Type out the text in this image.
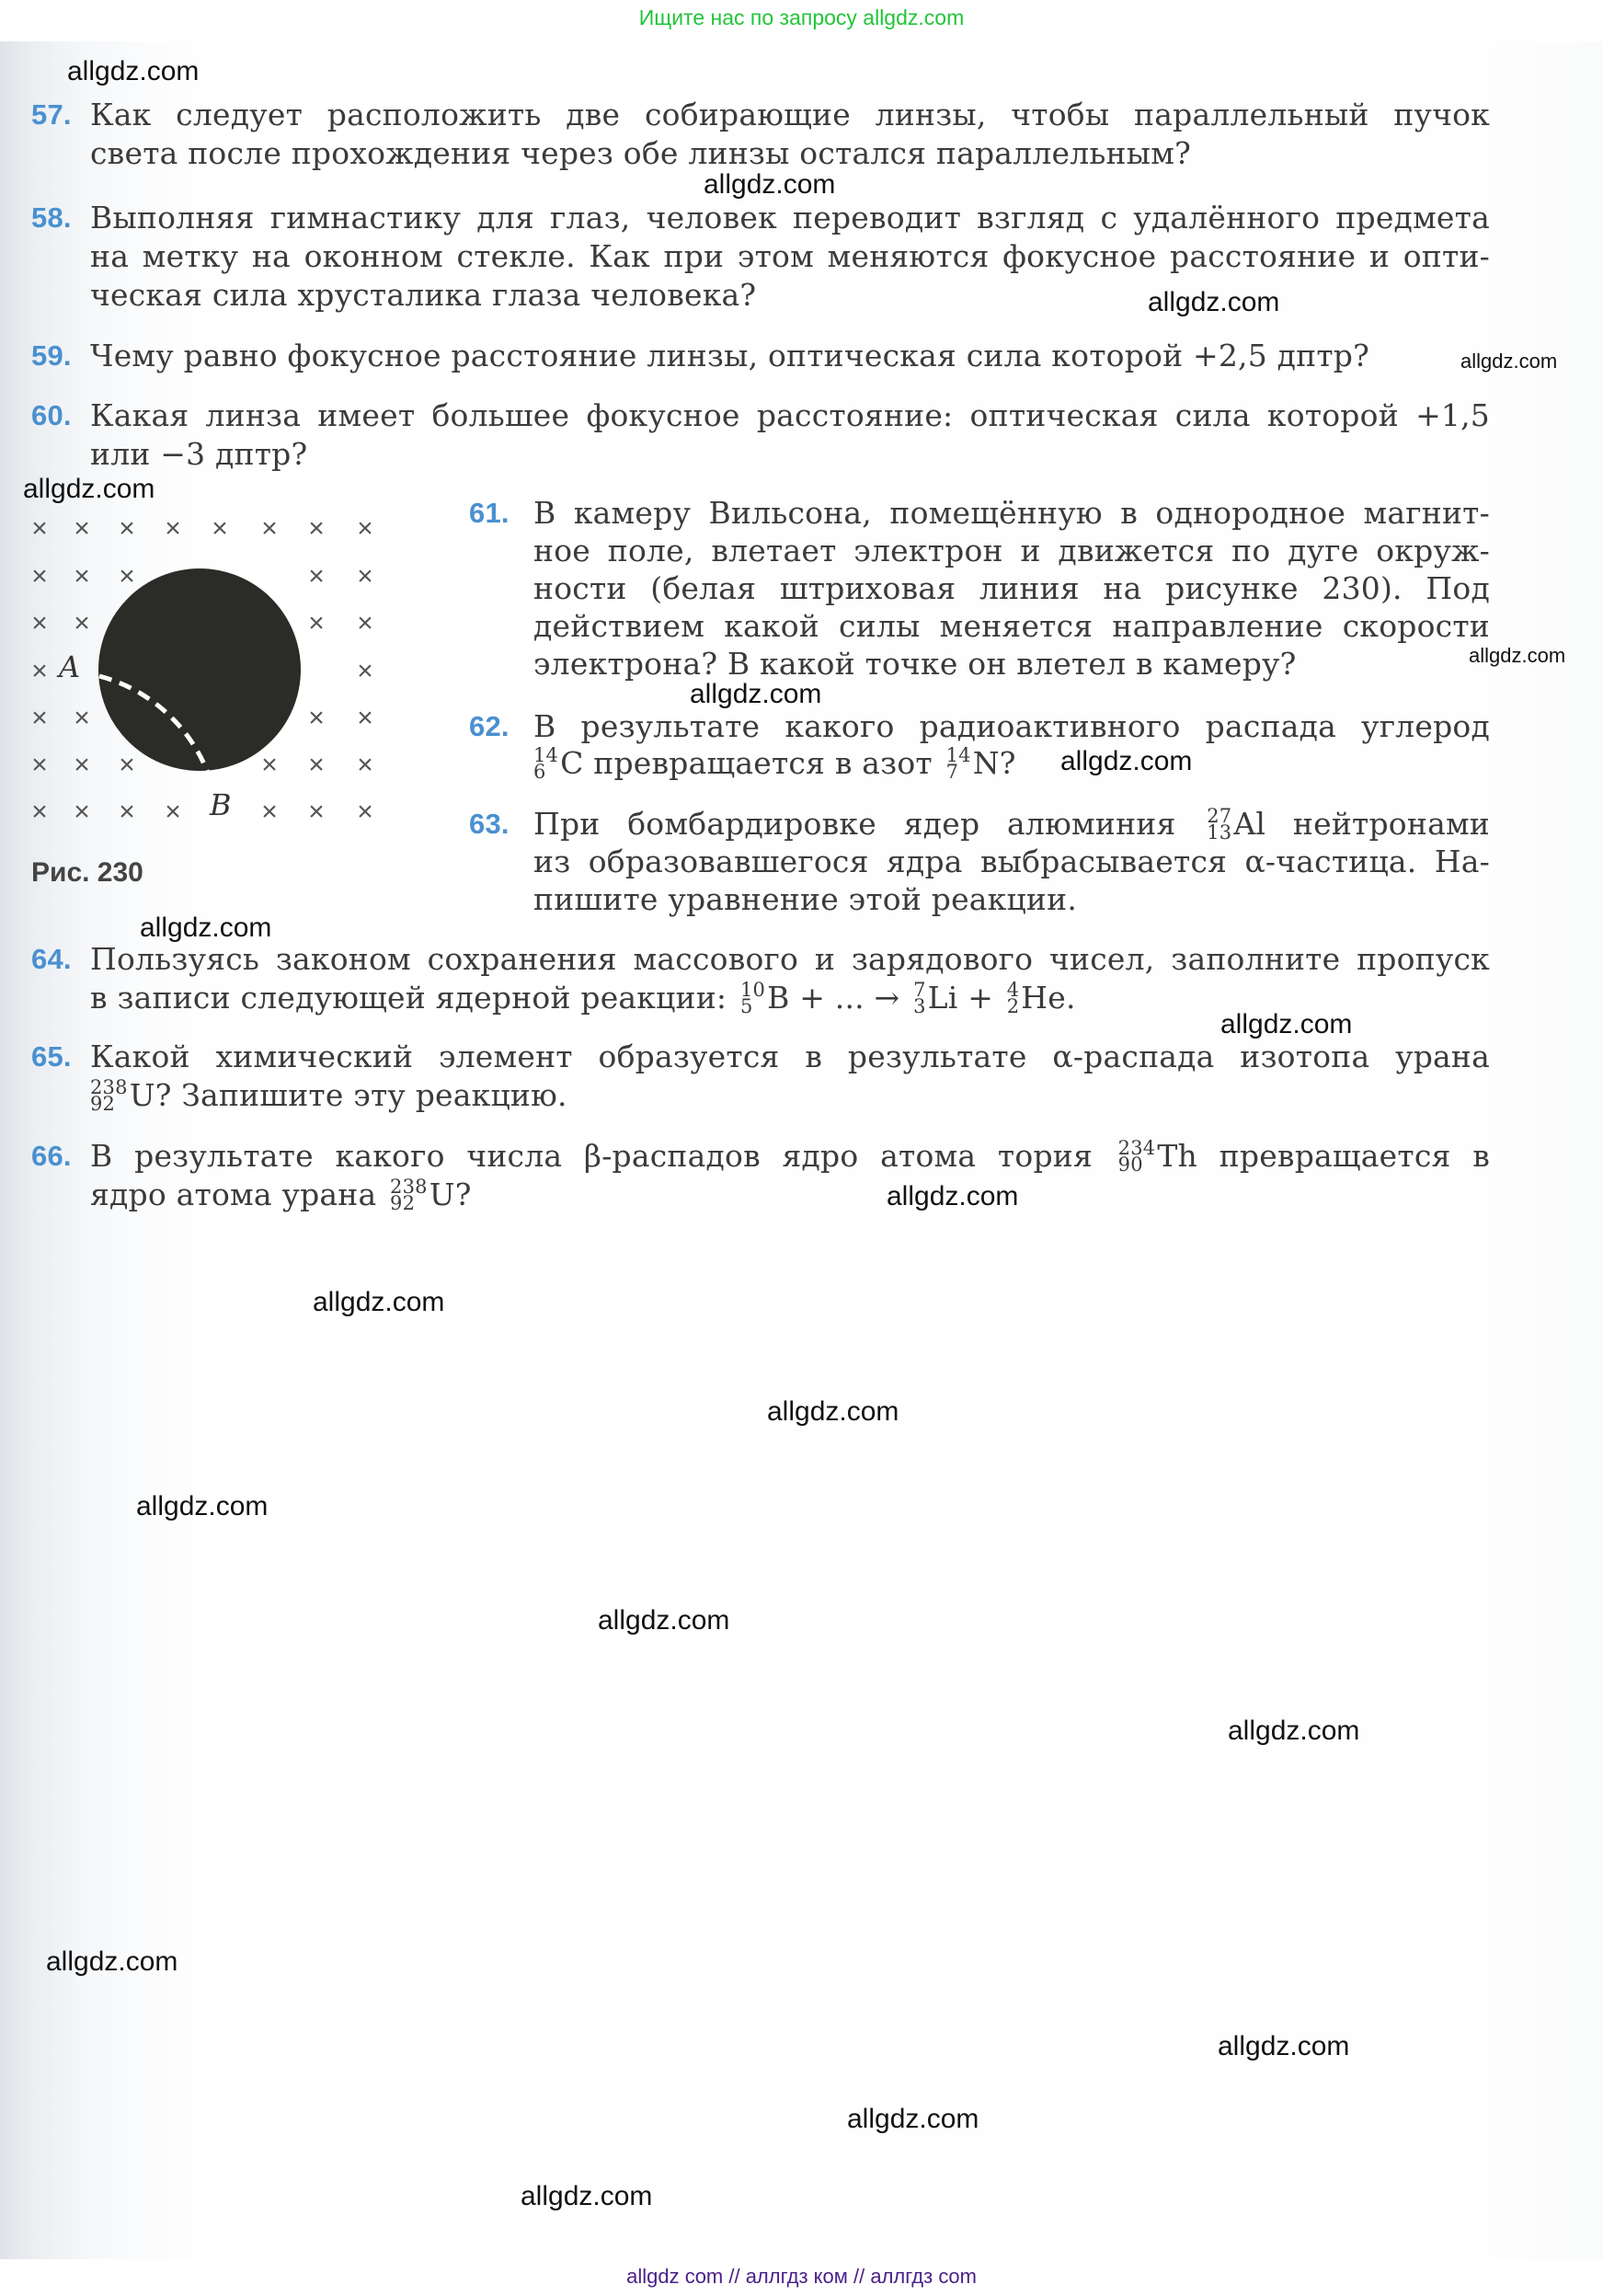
Ищите нас по запросу allgdz.com
57. Как следует расположить две собирающие линзы, чтобы параллельный пучок
света после прохождения через обе линзы остался параллельным?
58. Выполняя гимнастику для глаз, человек переводит взгляд с удалённого предмета
на метку на оконном стекле. Как при этом меняются фокусное расстояние и опти-
ческая сила хрусталика глаза человека?
59. Чему равно фокусное расстояние линзы, оптическая сила которой +2,5 дптр?
60. Какая линза имеет большее фокусное расстояние: оптическая сила которой +1,5
или −3 дптр?
× × × × × × × ×
× × ×	× ×
× ×	× ×
×	×
× ×	× ×
× × ×	× × ×
× × × ×	× × ×
A
B
Рис. 230
61. В камеру Вильсона, помещённую в однородное магнит-
ное поле, влетает электрон и движется по дуге окруж-
ности (белая штриховая линия на рисунке 230). Под
действием какой силы меняется направление скорости
электрона? В какой точке он влетел в камеру?
62. В результате какого радиоактивного распада углерод
14
6 C превращается в азот 14
7 N?
63. При бомбардировке ядер алюминия 27
13 Al нейтронами
из образовавшегося ядра выбрасывается α-частица. На-
пишите уравнение этой реакции.
64. Пользуясь законом сохранения массового и зарядового чисел, заполните пропуск
в записи следующей ядерной реакции: 10
5 B + ... → 7
3 Li + 4
2 He.
65. Какой химический элемент образуется в результате α-распада изотопа урана
238
92 U? Запишите эту реакцию.
66. В результате какого числа β-распадов ядро атома тория 234
90 Th превращается в
ядро атома урана 238
92 U?
allgdz.com
allgdz.com
allgdz.com
allgdz.com
allgdz.com
allgdz.com
allgdz.com
allgdz.com
allgdz.com
allgdz.com
allgdz.com
allgdz.com
allgdz.com
allgdz.com
allgdz.com
allgdz.com
allgdz.com
allgdz.com
allgdz.com
allgdz.com
allgdz com // аллгдз ком // аллгдз com
